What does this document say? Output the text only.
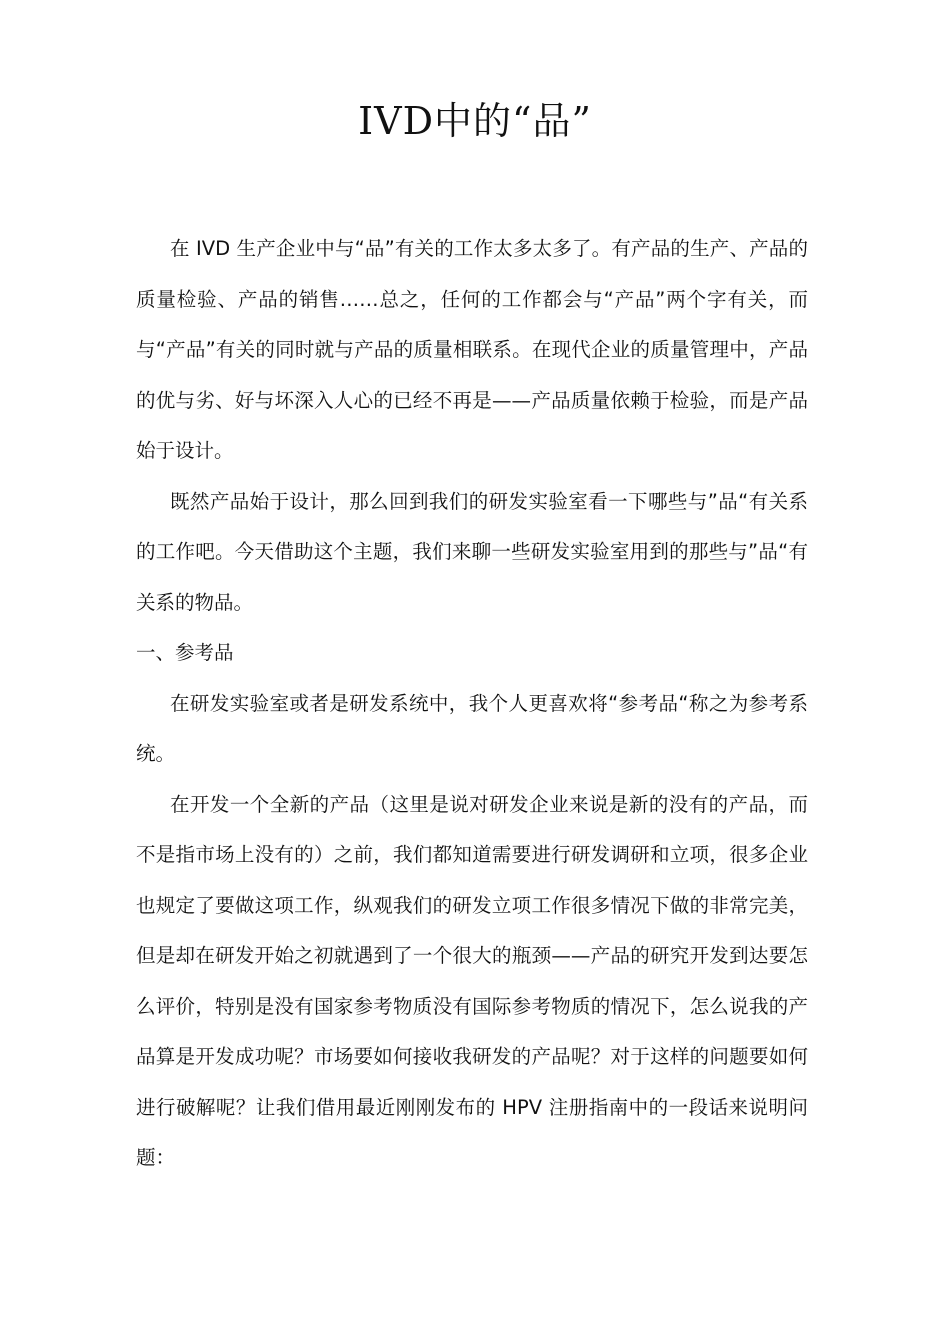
IVD中的“品”

在 IVD 生产企业中与“品”有关的工作太多太多了。有产品的生产、产品的质量检验、产品的销售……总之，任何的工作都会与“产品”两个字有关，而与“产品”有关的同时就与产品的质量相联系。在现代企业的质量管理中，产品的优与劣、好与坏深入人心的已经不再是——产品质量依赖于检验，而是产品始于设计。

既然产品始于设计，那么回到我们的研发实验室看一下哪些与”品“有关系的工作吧。今天借助这个主题，我们来聊一些研发实验室用到的那些与”品“有关系的物品。

一、参考品

在研发实验室或者是研发系统中，我个人更喜欢将“参考品“称之为参考系统。

在开发一个全新的产品（这里是说对研发企业来说是新的没有的产品，而不是指市场上没有的）之前，我们都知道需要进行研发调研和立项，很多企业也规定了要做这项工作，纵观我们的研发立项工作很多情况下做的非常完美，但是却在研发开始之初就遇到了一个很大的瓶颈——产品的研究开发到达要怎么评价，特别是没有国家参考物质没有国际参考物质的情况下，怎么说我的产品算是开发成功呢？市场要如何接收我研发的产品呢？对于这样的问题要如何进行破解呢？让我们借用最近刚刚发布的 HPV 注册指南中的一段话来说明问题：
